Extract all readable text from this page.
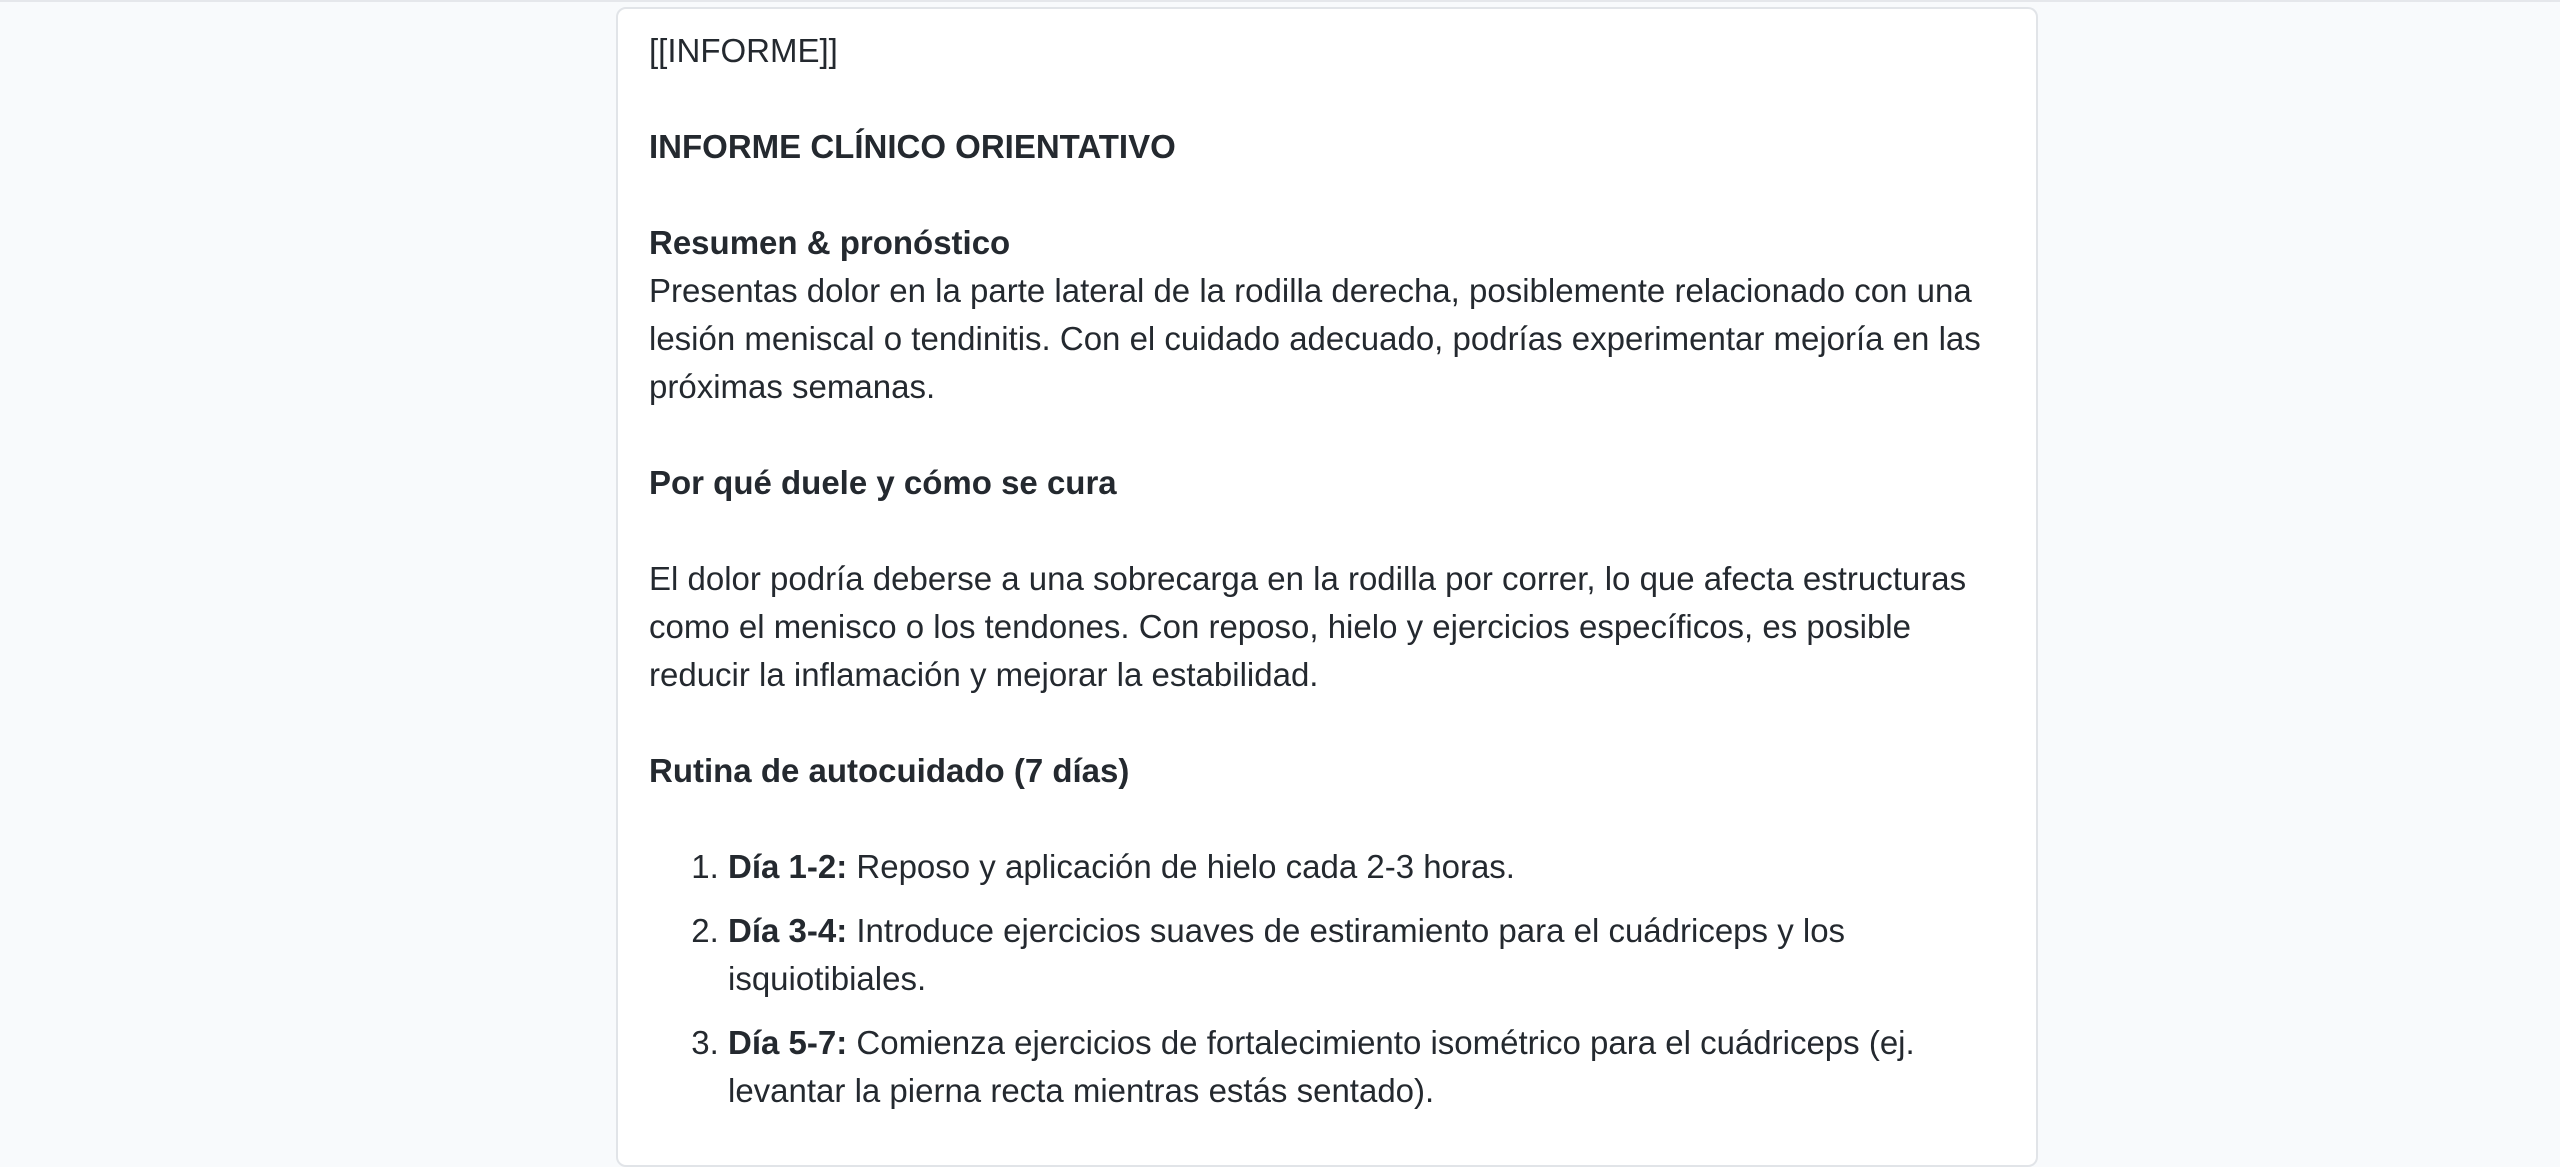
[[INFORME]]

INFORME CLÍNICO ORIENTATIVO

Resumen & pronóstico

Presentas dolor en la parte lateral de la rodilla derecha, posiblemente relacionado con una lesión meniscal o tendinitis. Con el cuidado adecuado, podrías experimentar mejoría en las próximas semanas.

Por qué duele y cómo se cura

El dolor podría deberse a una sobrecarga en la rodilla por correr, lo que afecta estructuras como el menisco o los tendones. Con reposo, hielo y ejercicios específicos, es posible reducir la inflamación y mejorar la estabilidad.

Rutina de autocuidado (7 días)

1. Día 1-2: Reposo y aplicación de hielo cada 2-3 horas.
2. Día 3-4: Introduce ejercicios suaves de estiramiento para el cuádriceps y los isquiotibiales.
3. Día 5-7: Comienza ejercicios de fortalecimiento isométrico para el cuádriceps (ej. levantar la pierna recta mientras estás sentado).
